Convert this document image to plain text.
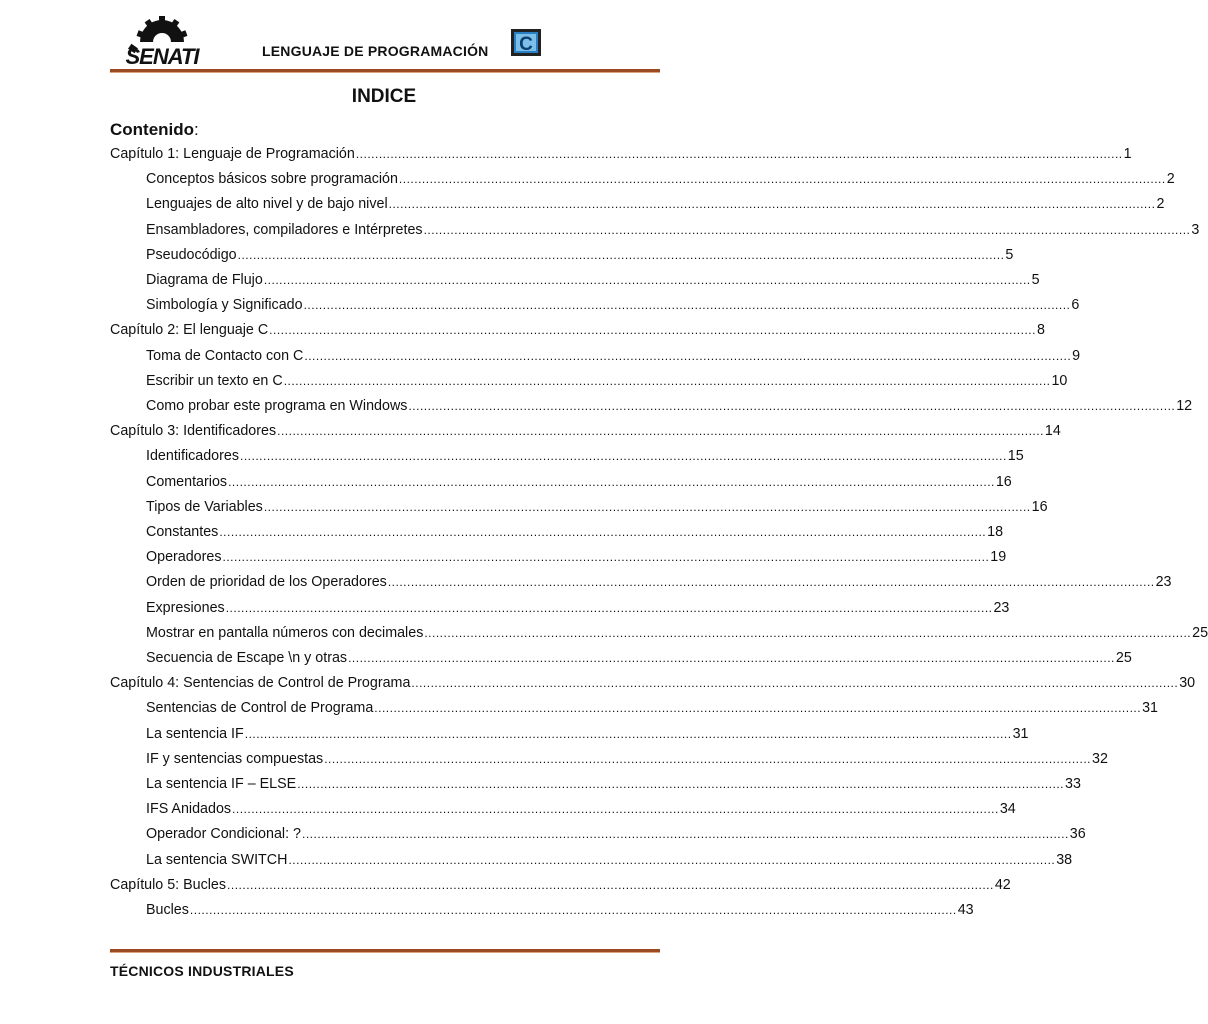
SENATI	LENGUAJE DE PROGRAMACIÓN C
INDICE
Contenido:
Capítulo 1: Lenguaje de Programación ........................................................................................................................................................................................................ 1
Conceptos básicos sobre programación ........................................................................................................................................................................................................ 2
Lenguajes de alto nivel y de bajo nivel ........................................................................................................................................................................................................ 2
Ensambladores, compiladores e Intérpretes ........................................................................................................................................................................................................ 3
Pseudocódigo ........................................................................................................................................................................................................ 5
Diagrama de Flujo ........................................................................................................................................................................................................ 5
Simbología y Significado ........................................................................................................................................................................................................ 6
Capítulo 2: El lenguaje C ........................................................................................................................................................................................................ 8
Toma de Contacto con C ........................................................................................................................................................................................................ 9
Escribir un texto en C ........................................................................................................................................................................................................ 10
Como probar este programa en Windows ........................................................................................................................................................................................................ 12
Capítulo 3: Identificadores ........................................................................................................................................................................................................ 14
Identificadores ........................................................................................................................................................................................................ 15
Comentarios ........................................................................................................................................................................................................ 16
Tipos de Variables ........................................................................................................................................................................................................ 16
Constantes ........................................................................................................................................................................................................ 18
Operadores ........................................................................................................................................................................................................ 19
Orden de prioridad de los Operadores ........................................................................................................................................................................................................ 23
Expresiones ........................................................................................................................................................................................................ 23
Mostrar en pantalla números con decimales ........................................................................................................................................................................................................ 25
Secuencia de Escape \n y otras ........................................................................................................................................................................................................ 25
Capítulo 4: Sentencias de Control de Programa ........................................................................................................................................................................................................ 30
Sentencias de Control de Programa ........................................................................................................................................................................................................ 31
La sentencia IF ........................................................................................................................................................................................................ 31
IF y sentencias compuestas ........................................................................................................................................................................................................ 32
La sentencia IF – ELSE ........................................................................................................................................................................................................ 33
IFS Anidados ........................................................................................................................................................................................................ 34
Operador Condicional: ? ........................................................................................................................................................................................................ 36
La sentencia SWITCH ........................................................................................................................................................................................................ 38
Capítulo 5: Bucles ........................................................................................................................................................................................................ 42
Bucles ........................................................................................................................................................................................................ 43
TÉCNICOS INDUSTRIALES
